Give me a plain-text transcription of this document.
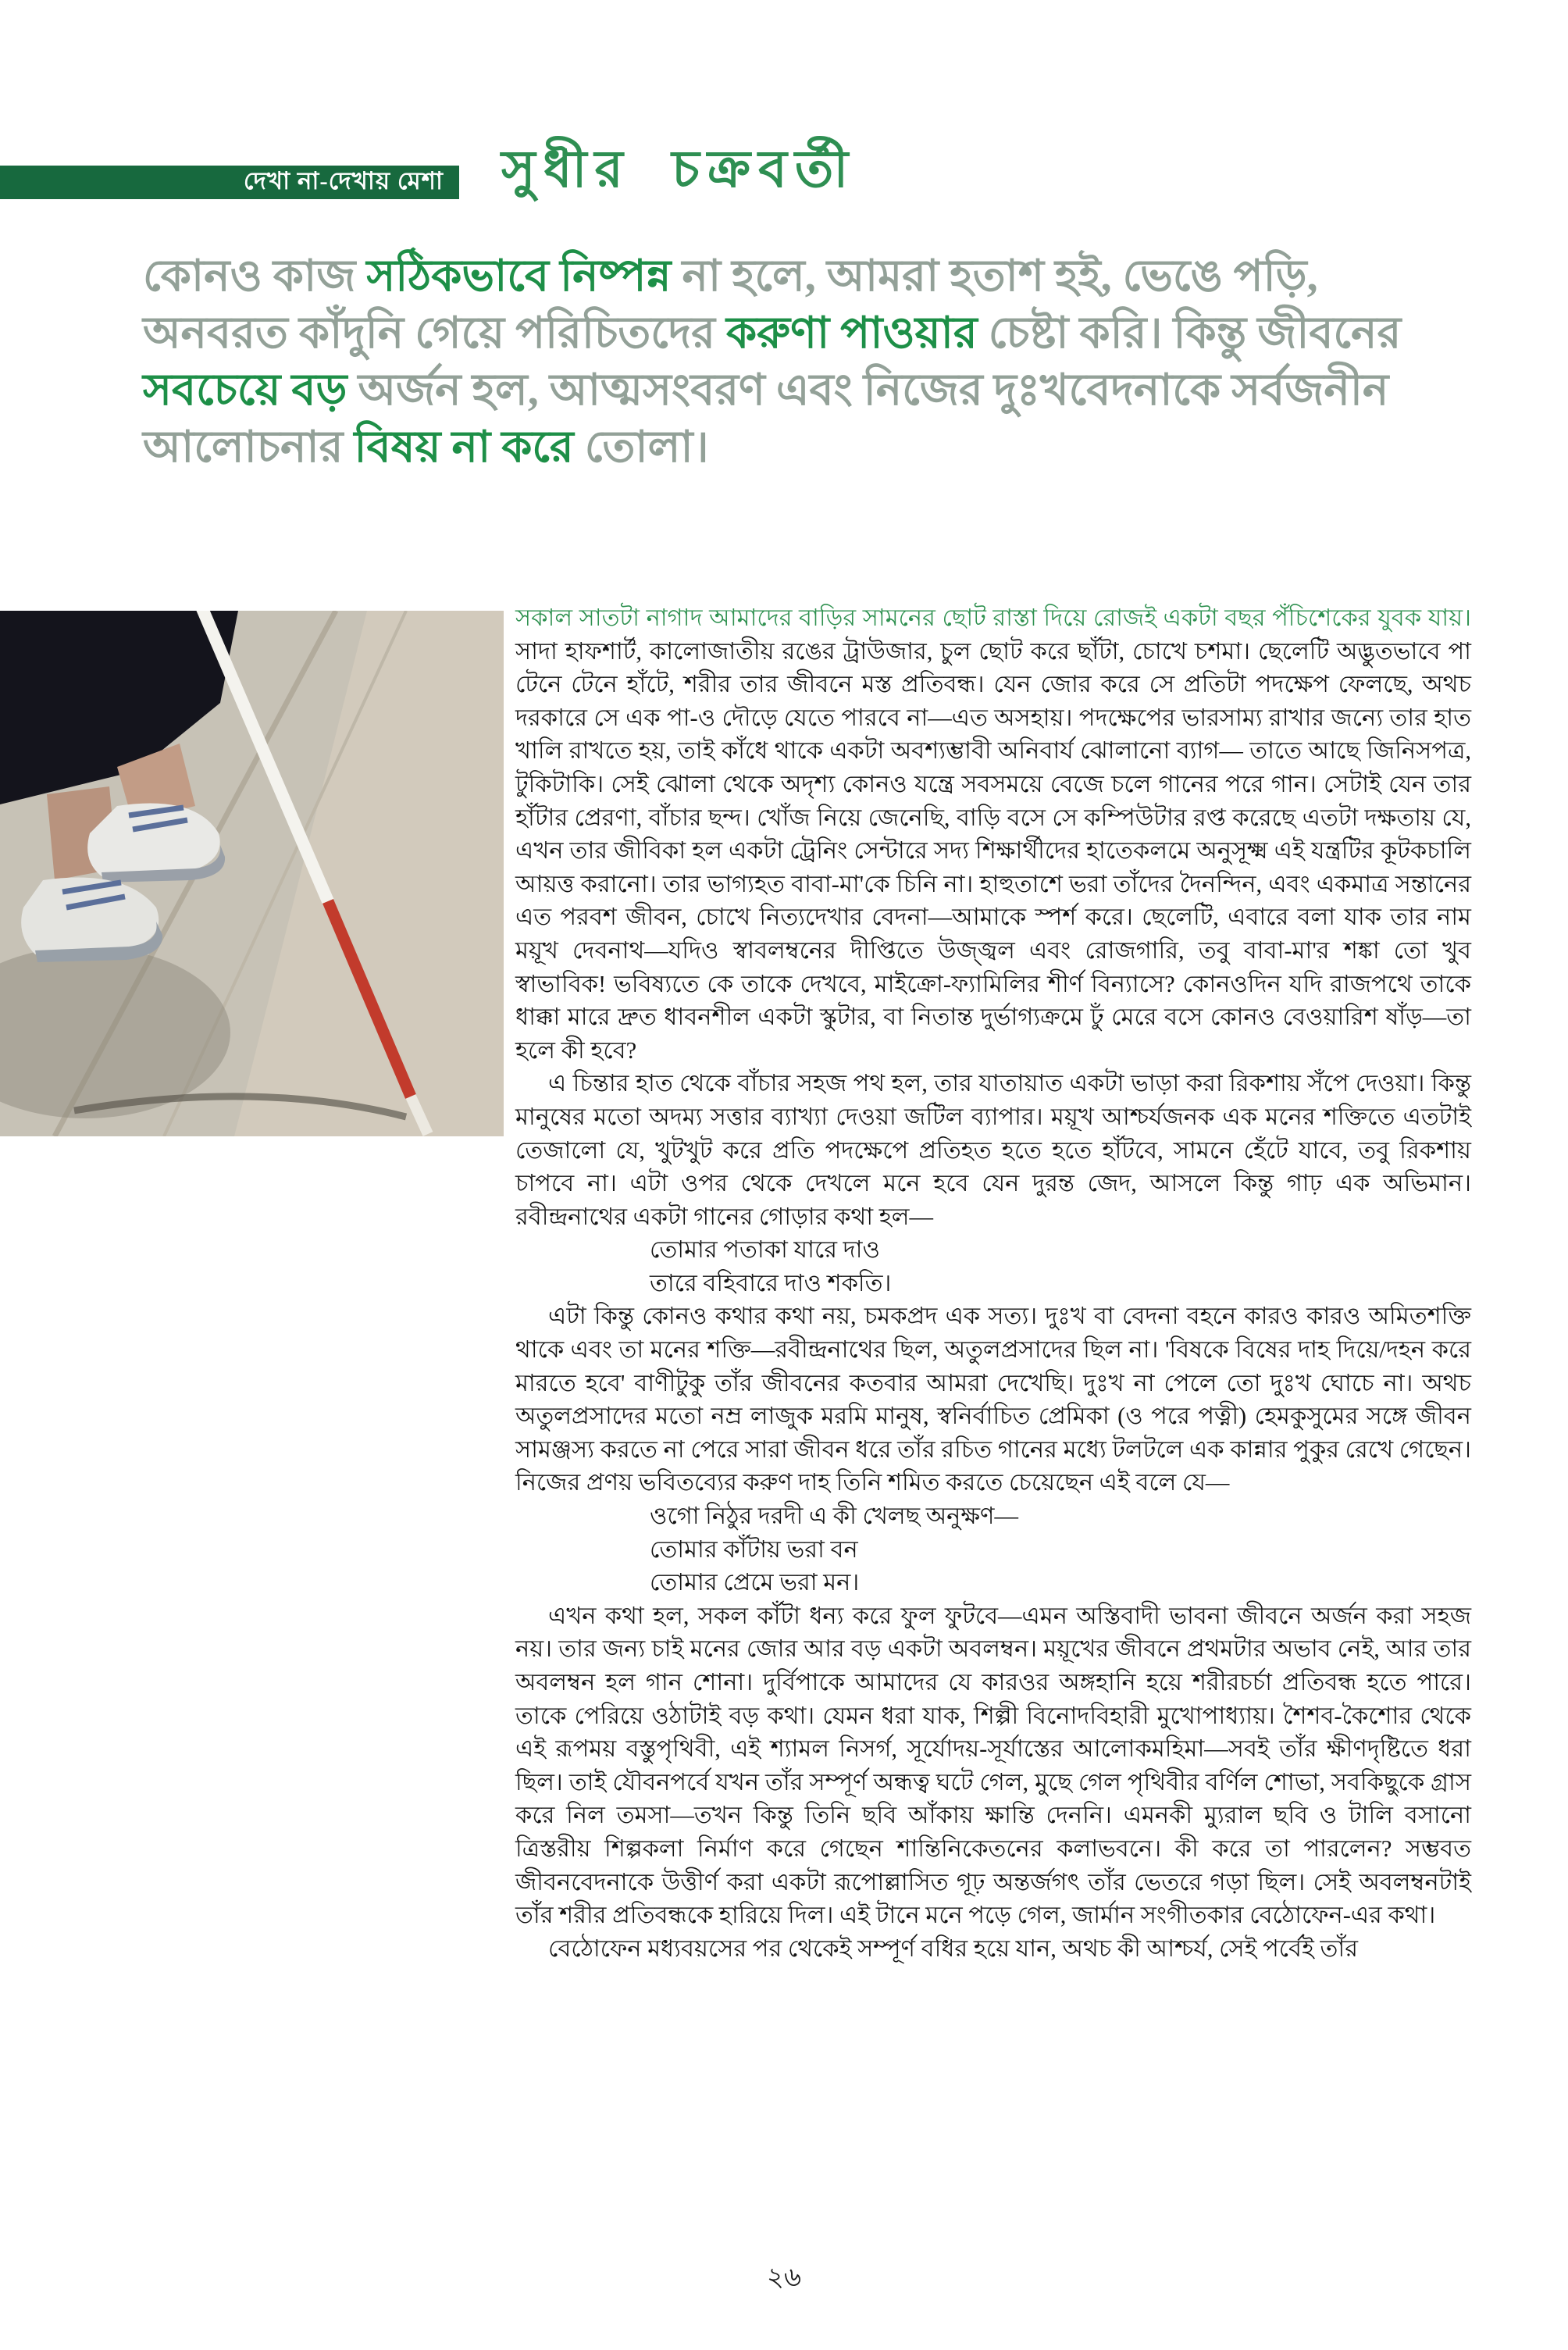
দেখা না-দেখায় মেশা সুধীর চক্রবর্তী
কোনও কাজ সঠিকভাবে নিষ্পন্ন না হলে, আমরা হতাশ হই, ভেঙে পড়ি, অনবরত কাঁদুনি গেয়ে পরিচিতদের করুণা পাওয়ার চেষ্টা করি। কিন্তু জীবনের সবচেয়ে বড় অর্জন হল, আত্মসংবরণ এবং নিজের দুঃখবেদনাকে সর্বজনীন আলোচনার বিষয় না করে তোলা।

সকাল সাতটা নাগাদ আমাদের বাড়ির সামনের ছোট রাস্তা দিয়ে রোজই একটা বছর পঁচিশেকের যুবক যায়। সাদা হাফশার্ট, কালোজাতীয় রঙের ট্রাউজার, চুল ছোট করে ছাঁটা, চোখে চশমা। ছেলেটি অদ্ভুতভাবে পা টেনে টেনে হাঁটে, শরীর তার জীবনে মস্ত প্রতিবন্ধ। যেন জোর করে সে প্রতিটা পদক্ষেপ ফেলছে, অথচ দরকারে সে এক পা-ও দৌড়ে যেতে পারবে না—এত অসহায়। পদক্ষেপের ভারসাম্য রাখার জন্যে তার হাত খালি রাখতে হয়, তাই কাঁধে থাকে একটা অবশ্যম্ভাবী অনিবার্য ঝোলানো ব্যাগ— তাতে আছে জিনিসপত্র, টুকিটাকি। সেই ঝোলা থেকে অদৃশ্য কোনও যন্ত্রে সবসময়ে বেজে চলে গানের পরে গান। সেটাই যেন তার হাঁটার প্রেরণা, বাঁচার ছন্দ। খোঁজ নিয়ে জেনেছি, বাড়ি বসে সে কম্পিউটার রপ্ত করেছে এতটা দক্ষতায় যে, এখন তার জীবিকা হল একটা ট্রেনিং সেন্টারে সদ্য শিক্ষার্থীদের হাতেকলমে অনুসূক্ষ্ম এই যন্ত্রটির কূটকচালি আয়ত্ত করানো। তার ভাগ্যহত বাবা-মা'কে চিনি না। হাহুতাশে ভরা তাঁদের দৈনন্দিন, এবং একমাত্র সন্তানের এত পরবশ জীবন, চোখে নিত্যদেখার বেদনা—আমাকে স্পর্শ করে। ছেলেটি, এবারে বলা যাক তার নাম ময়ূখ দেবনাথ—যদিও স্বাবলম্বনের দীপ্তিতে উজ্জ্বল এবং রোজগারি, তবু বাবা-মা'র শঙ্কা তো খুব স্বাভাবিক! ভবিষ্যতে কে তাকে দেখবে, মাইক্রো-ফ্যামিলির শীর্ণ বিন্যাসে? কোনওদিন যদি রাজপথে তাকে ধাক্কা মারে দ্রুত ধাবনশীল একটা স্কুটার, বা নিতান্ত দুর্ভাগ্যক্রমে ঢুঁ মেরে বসে কোনও বেওয়ারিশ ষাঁড়—তা হলে কী হবে?

এ চিন্তার হাত থেকে বাঁচার সহজ পথ হল, তার যাতায়াত একটা ভাড়া করা রিকশায় সঁপে দেওয়া। কিন্তু মানুষের মতো অদম্য সত্তার ব্যাখ্যা দেওয়া জটিল ব্যাপার। ময়ূখ আশ্চর্যজনক এক মনের শক্তিতে এতটাই তেজালো যে, খুটখুট করে প্রতি পদক্ষেপে প্রতিহত হতে হতে হাঁটবে, সামনে হেঁটে যাবে, তবু রিকশায় চাপবে না। এটা ওপর থেকে দেখলে মনে হবে যেন দুরন্ত জেদ, আসলে কিন্তু গাঢ় এক অভিমান। রবীন্দ্রনাথের একটা গানের গোড়ার কথা হল—

তোমার পতাকা যারে দাও
তারে বহিবারে দাও শকতি।

এটা কিন্তু কোনও কথার কথা নয়, চমকপ্রদ এক সত্য। দুঃখ বা বেদনা বহনে কারও কারও অমিতশক্তি থাকে এবং তা মনের শক্তি—রবীন্দ্রনাথের ছিল, অতুলপ্রসাদের ছিল না। 'বিষকে বিষের দাহ দিয়ে/দহন করে মারতে হবে' বাণীটুকু তাঁর জীবনের কতবার আমরা দেখেছি। দুঃখ না পেলে তো দুঃখ ঘোচে না। অথচ অতুলপ্রসাদের মতো নম্র লাজুক মরমি মানুষ, স্বনির্বাচিত প্রেমিকা (ও পরে পত্নী) হেমকুসুমের সঙ্গে জীবন সামঞ্জস্য করতে না পেরে সারা জীবন ধরে তাঁর রচিত গানের মধ্যে টলটলে এক কান্নার পুকুর রেখে গেছেন। নিজের প্রণয় ভবিতব্যের করুণ দাহ তিনি শমিত করতে চেয়েছেন এই বলে যে—

ওগো নিঠুর দরদী এ কী খেলছ অনুক্ষণ—
তোমার কাঁটায় ভরা বন
তোমার প্রেমে ভরা মন।

এখন কথা হল, সকল কাঁটা ধন্য করে ফুল ফুটবে—এমন অস্তিবাদী ভাবনা জীবনে অর্জন করা সহজ নয়। তার জন্য চাই মনের জোর আর বড় একটা অবলম্বন। ময়ূখের জীবনে প্রথমটার অভাব নেই, আর তার অবলম্বন হল গান শোনা। দুর্বিপাকে আমাদের যে কারওর অঙ্গহানি হয়ে শরীরচর্চা প্রতিবন্ধ হতে পারে। তাকে পেরিয়ে ওঠাটাই বড় কথা। যেমন ধরা যাক, শিল্পী বিনোদবিহারী মুখোপাধ্যায়। শৈশব-কৈশোর থেকে এই রূপময় বস্তুপৃথিবী, এই শ্যামল নিসর্গ, সূর্যোদয়-সূর্যাস্তের আলোকমহিমা—সবই তাঁর ক্ষীণদৃষ্টিতে ধরা ছিল। তাই যৌবনপর্বে যখন তাঁর সম্পূর্ণ অন্ধত্ব ঘটে গেল, মুছে গেল পৃথিবীর বর্ণিল শোভা, সবকিছুকে গ্রাস করে নিল তমসা—তখন কিন্তু তিনি ছবি আঁকায় ক্ষান্তি দেননি। এমনকী ম্যুরাল ছবি ও টালি বসানো ত্রিস্তরীয় শিল্পকলা নির্মাণ করে গেছেন শান্তিনিকেতনের কলাভবনে। কী করে তা পারলেন? সম্ভবত জীবনবেদনাকে উত্তীর্ণ করা একটা রূপোল্লাসিত গূঢ় অন্তর্জগৎ তাঁর ভেতরে গড়া ছিল। সেই অবলম্বনটাই তাঁর শরীর প্রতিবন্ধকে হারিয়ে দিল। এই টানে মনে পড়ে গেল, জার্মান সংগীতকার বেঠোফেন-এর কথা।

বেঠোফেন মধ্যবয়সের পর থেকেই সম্পূর্ণ বধির হয়ে যান, অথচ কী আশ্চর্য, সেই পর্বেই তাঁর

২৬
